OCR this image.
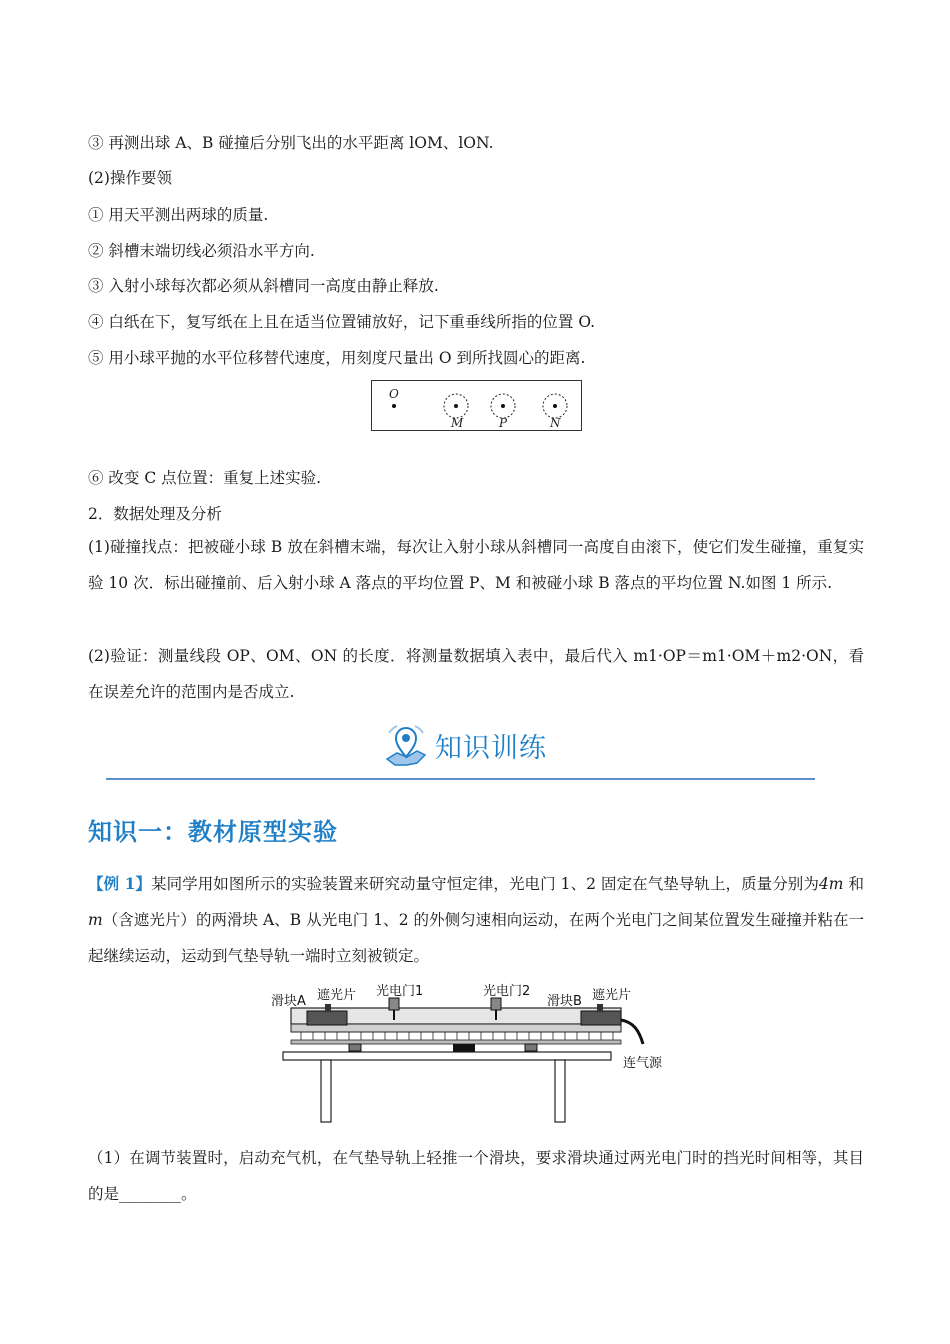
③ 再测出球 A、B 碰撞后分别飞出的水平距离 lOM、lON.
(2)操作要领
① 用天平测出两球的质量.
② 斜槽末端切线必须沿水平方向.
③ 入射小球每次都必须从斜槽同一高度由静止释放.
④ 白纸在下，复写纸在上且在适当位置铺放好，记下重垂线所指的位置 O.
⑤ 用小球平抛的水平位移替代速度，用刻度尺量出 O 到所找圆心的距离.
O
M	P	N
⑥ 改变 C 点位置：重复上述实验.
2．数据处理及分析
(1)碰撞找点：把被碰小球 B 放在斜槽末端，每次让入射小球从斜槽同一高度自由滚下，使它们发生碰撞，重复实验 10 次．标出碰撞前、后入射小球 A 落点的平均位置 P、M 和被碰小球 B 落点的平均位置 N.如图 1 所示.
(2)验证：测量线段 OP、OM、ON 的长度．将测量数据填入表中，最后代入 m1·OP＝m1·OM＋m2·ON，看在误差允许的范围内是否成立.
知识训练
知识一：教材原型实验
【例 1】某同学用如图所示的实验装置来研究动量守恒定律，光电门 1、2 固定在气垫导轨上，质量分别为4m 和 m（含遮光片）的两滑块 A、B 从光电门 1、2 的外侧匀速相向运动，在两个光电门之间某位置发生碰撞并粘在一起继续运动，运动到气垫导轨一端时立刻被锁定。
滑块A 遮光片 光电门1	光电门2
滑块B 遮光片
连气源
（1）在调节装置时，启动充气机，在气垫导轨上轻推一个滑块，要求滑块通过两光电门时的挡光时间相等，其目的是________。
